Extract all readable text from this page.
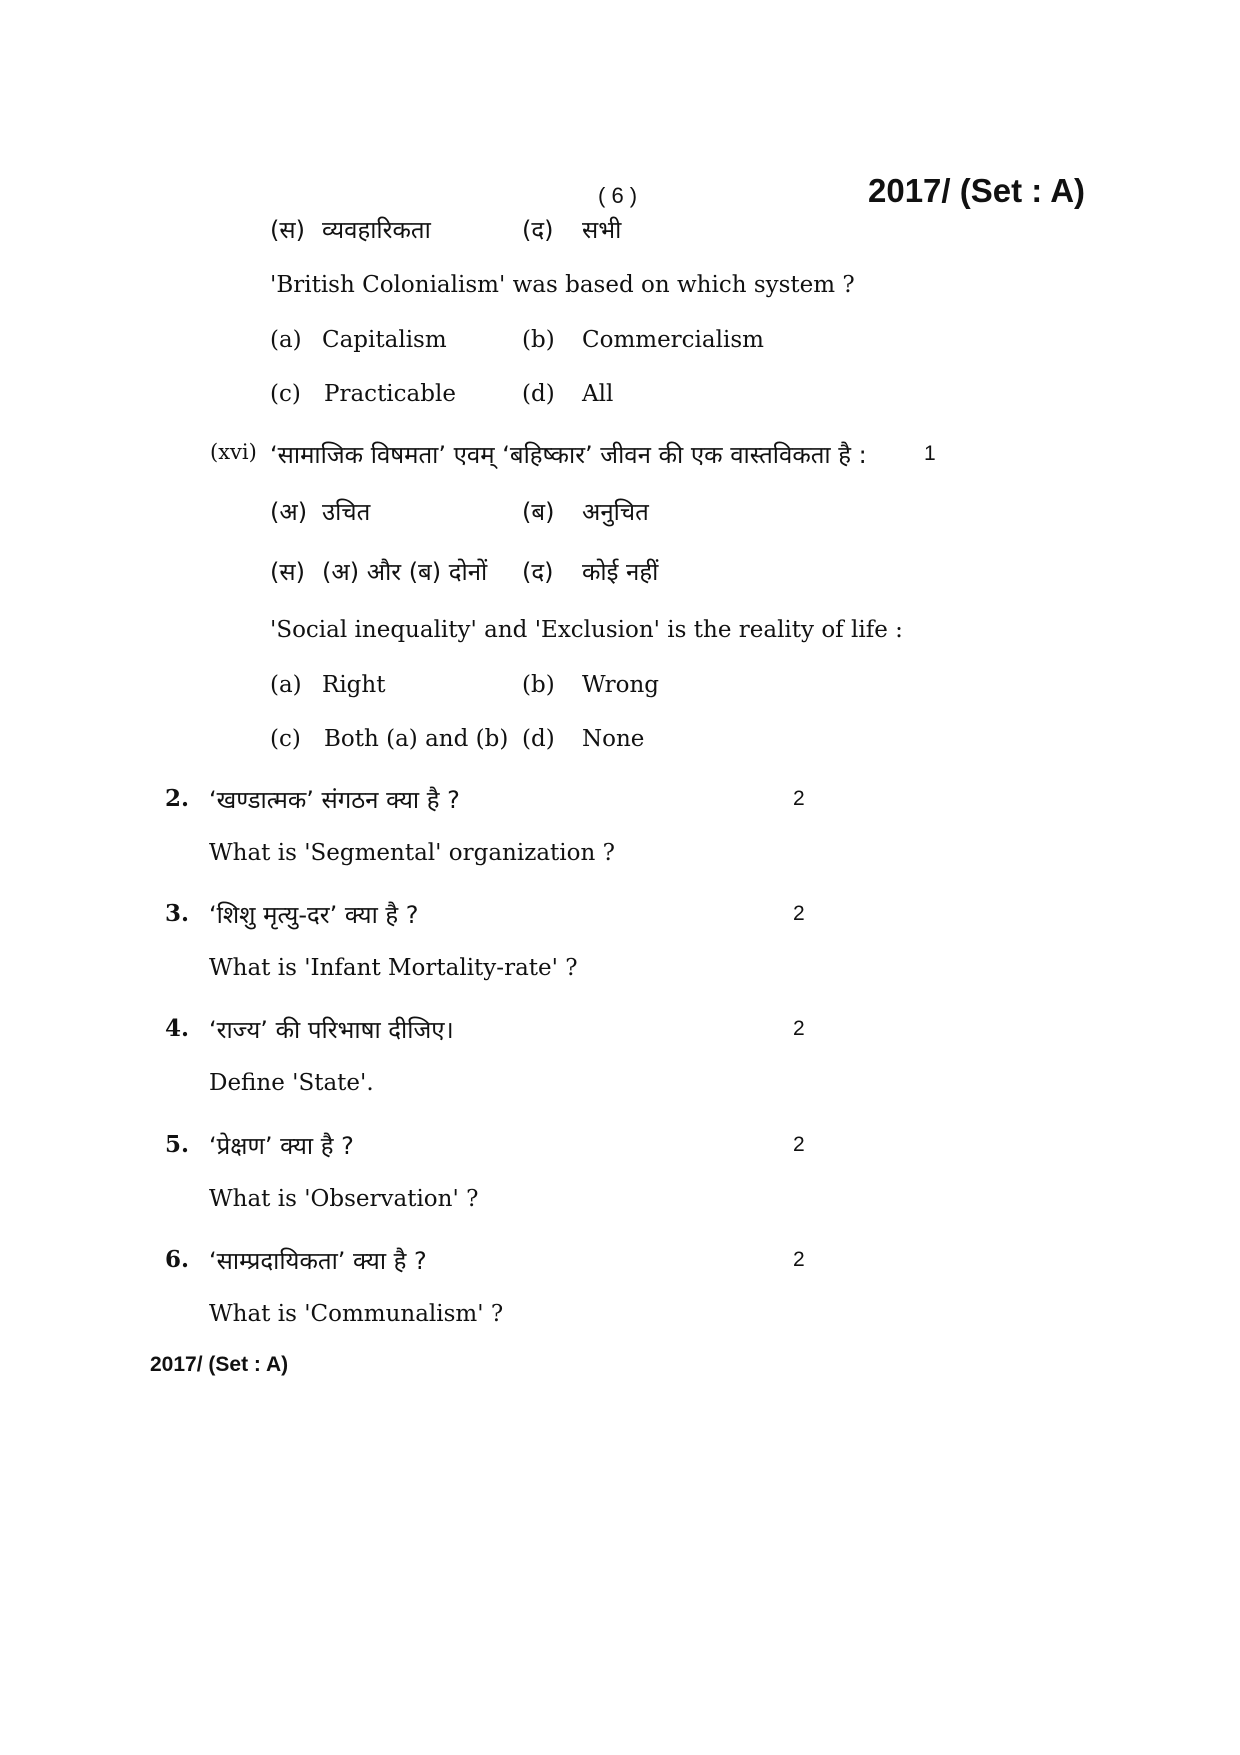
( 6 )	2017/ (Set : A)
(स) व्यवहारिकता	(द) सभी
'British Colonialism' was based on which system ?
(a) Capitalism	(b) Commercialism
(c) Practicable	(d) All
(xvi) ‘सामाजिक विषमता’ एवम् ‘बहिष्कार’ जीवन की एक वास्तविकता है :	1
(अ) उचित	(ब) अनुचित
(स) (अ) और (ब) दोनों (द) कोई नहीं
'Social inequality' and 'Exclusion' is the reality of life :
(a) Right	(b) Wrong
(c) Both (a) and (b) (d) None
2. ‘खण्डात्मक’ संगठन क्या है ?	2
What is 'Segmental' organization ?
3. ‘शिशु मृत्यु-दर’ क्या है ?	2
What is 'Infant Mortality-rate' ?
4. ‘राज्य’ की परिभाषा दीजिए।	2
Define 'State'.
5. ‘प्रेक्षण’ क्या है ?	2
What is 'Observation' ?
6. ‘साम्प्रदायिकता’ क्या है ?	2
What is 'Communalism' ?
2017/ (Set : A)
